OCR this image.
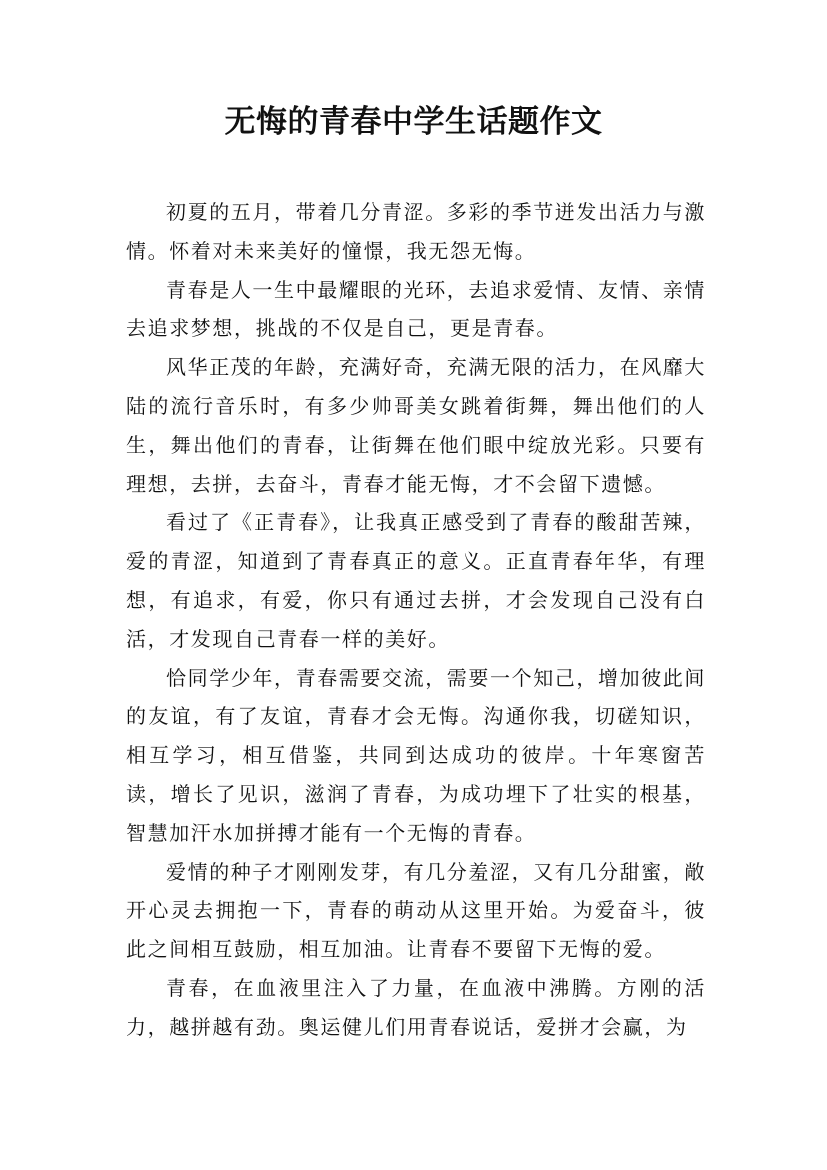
无悔的青春中学生话题作文

初夏的五月，带着几分青涩。多彩的季节迸发出活力与激情。怀着对未来美好的憧憬，我无怨无悔。

青春是人一生中最耀眼的光环，去追求爱情、友情、亲情去追求梦想，挑战的不仅是自己，更是青春。

风华正茂的年龄，充满好奇，充满无限的活力，在风靡大陆的流行音乐时，有多少帅哥美女跳着街舞，舞出他们的人生，舞出他们的青春，让街舞在他们眼中绽放光彩。只要有理想，去拼，去奋斗，青春才能无悔，才不会留下遗憾。

看过了《正青春》，让我真正感受到了青春的酸甜苦辣，爱的青涩，知道到了青春真正的意义。正直青春年华，有理想，有追求，有爱，你只有通过去拼，才会发现自己没有白活，才发现自己青春一样的美好。

恰同学少年，青春需要交流，需要一个知己，增加彼此间的友谊，有了友谊，青春才会无悔。沟通你我，切磋知识，相互学习，相互借鉴，共同到达成功的彼岸。十年寒窗苦读，增长了见识，滋润了青春，为成功埋下了壮实的根基，智慧加汗水加拼搏才能有一个无悔的青春。

爱情的种子才刚刚发芽，有几分羞涩，又有几分甜蜜，敞开心灵去拥抱一下，青春的萌动从这里开始。为爱奋斗，彼此之间相互鼓励，相互加油。让青春不要留下无悔的爱。

青春，在血液里注入了力量，在血液中沸腾。方刚的活力，越拼越有劲。奥运健儿们用青春说话，爱拼才会赢，为
